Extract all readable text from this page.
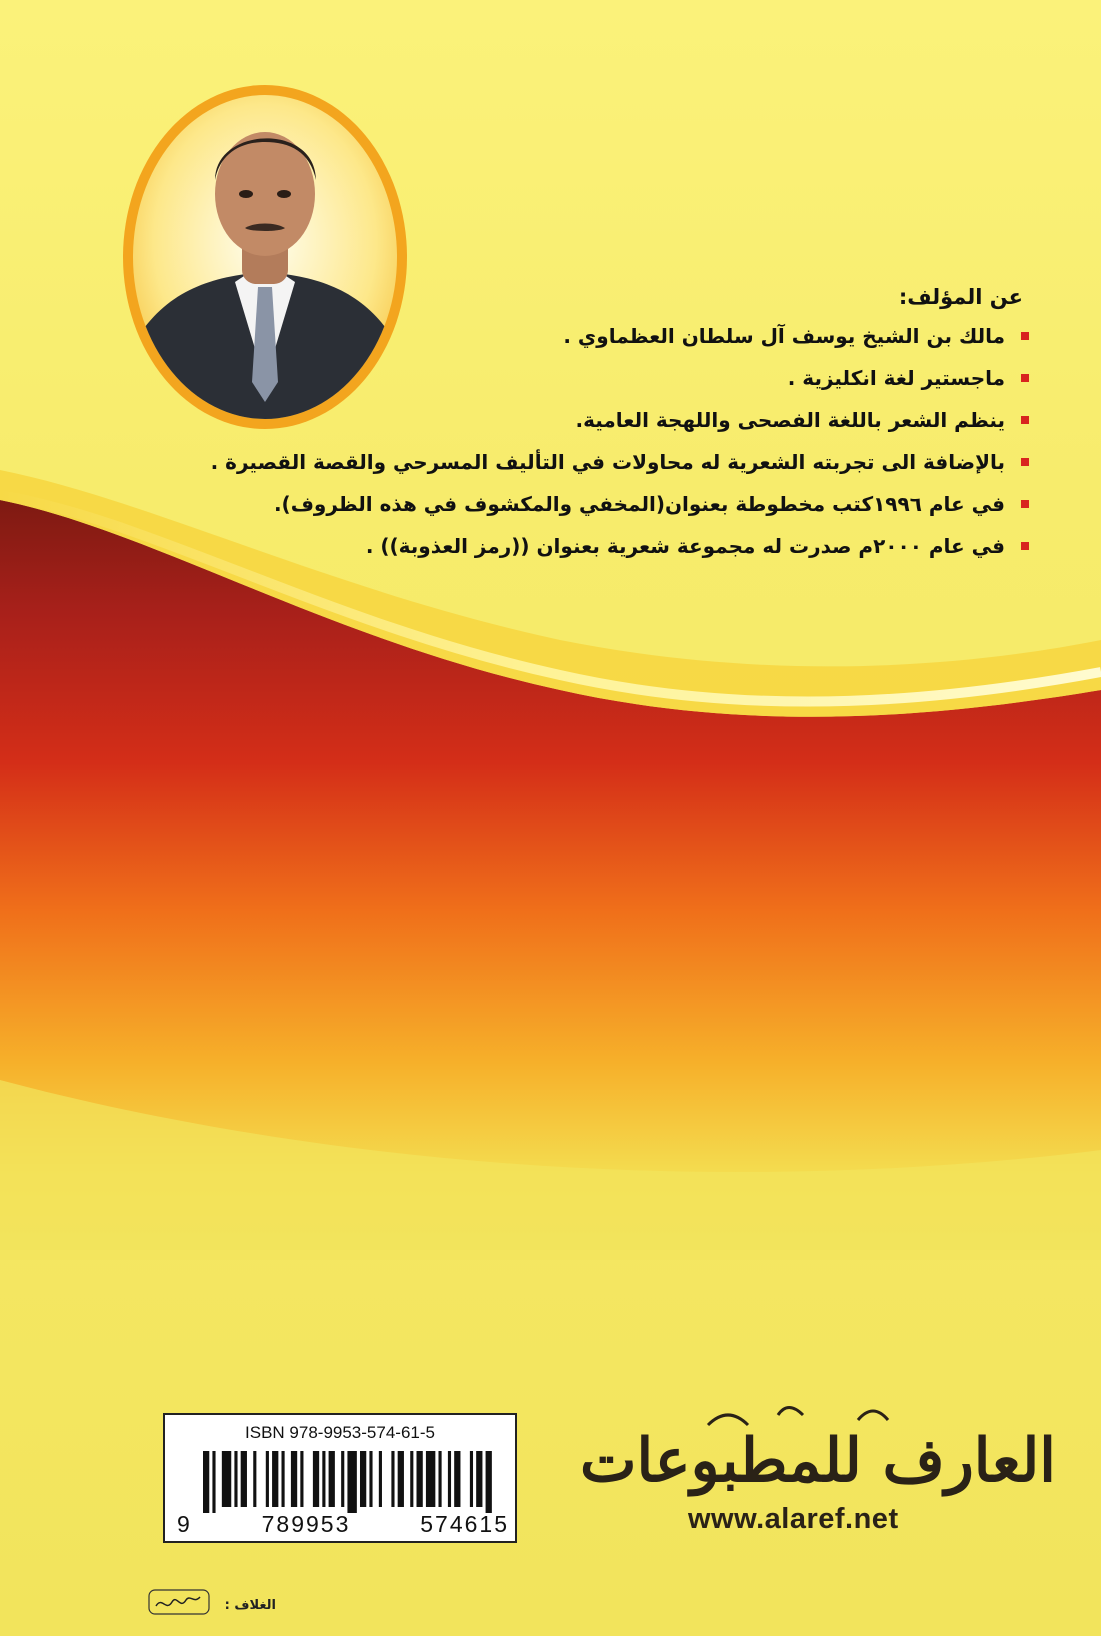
عن المؤلف:
مالك بن الشيخ يوسف آل سلطان العظماوي .
ماجستير لغة انكليزية .
ينظم الشعر باللغة الفصحى واللهجة العامية.
بالإضافة الى تجربته الشعرية له محاولات في التأليف المسرحي والقصة القصيرة .
في عام ١٩٩٦كتب مخطوطة بعنوان(المخفي والمكشوف في هذه الظروف).
في عام ٢٠٠٠م صدرت له مجموعة شعرية بعنوان ((رمز العذوبة)) .
ISBN 978-9953-574-61-5
9	789953	574615
العارف للمطبوعات
www.alaref.net
الغلاف :
